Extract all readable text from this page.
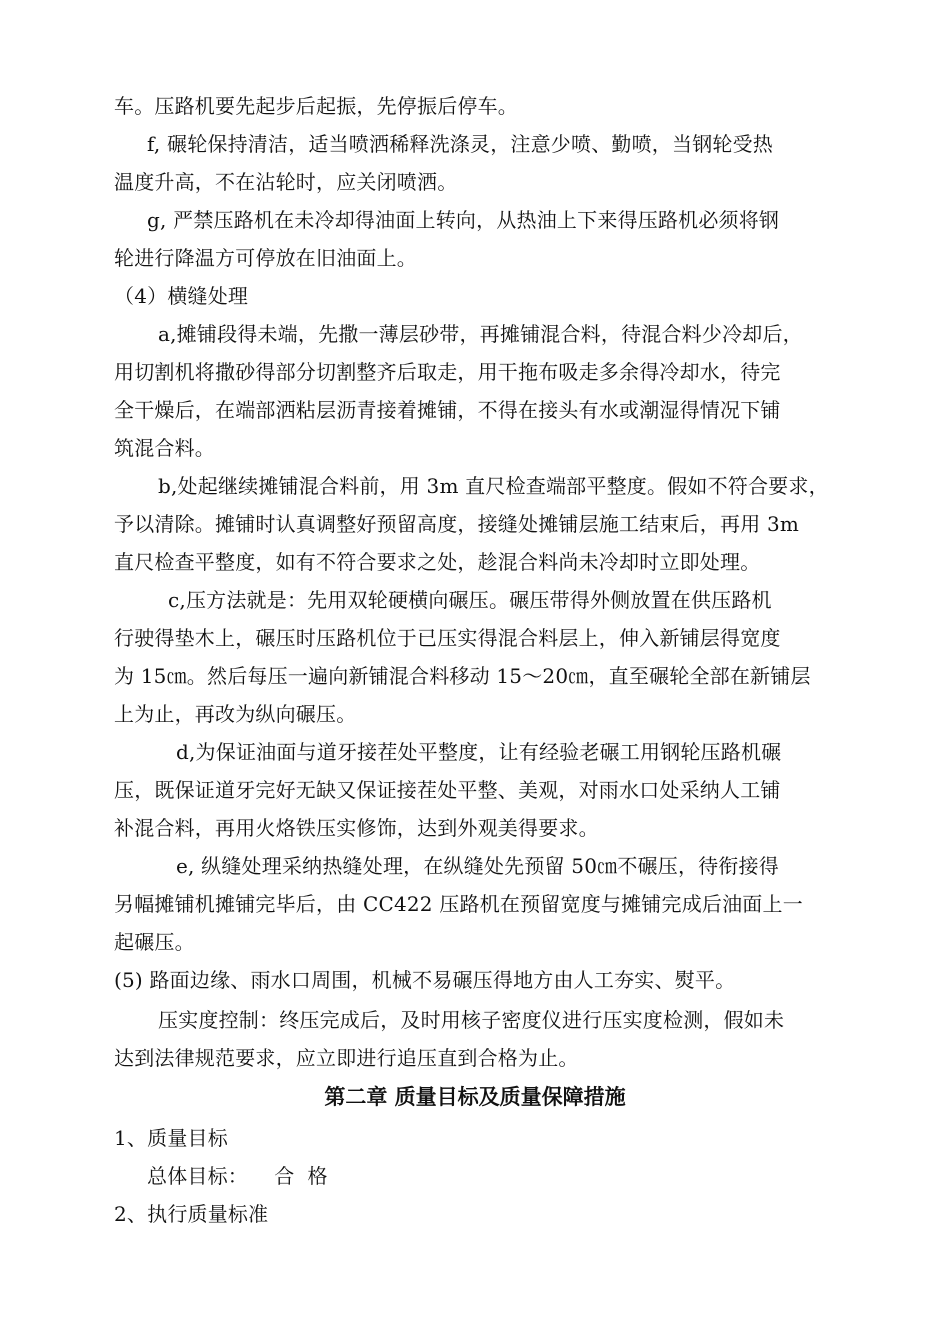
车。压路机要先起步后起振，先停振后停车。
f, 碾轮保持清洁，适当喷洒稀释洗涤灵，注意少喷、勤喷，当钢轮受热
温度升高，不在沾轮时，应关闭喷洒。
g, 严禁压路机在未冷却得油面上转向，从热油上下来得压路机必须将钢
轮进行降温方可停放在旧油面上。
（4）横缝处理
a,摊铺段得未端，先撒一薄层砂带，再摊铺混合料，待混合料少冷却后，
用切割机将撒砂得部分切割整齐后取走，用干拖布吸走多余得冷却水，待完
全干燥后，在端部洒粘层沥青接着摊铺，不得在接头有水或潮湿得情况下铺
筑混合料。
b,处起继续摊铺混合料前，用 3m 直尺检查端部平整度。假如不符合要求，
予以清除。摊铺时认真调整好预留高度，接缝处摊铺层施工结束后，再用 3m
直尺检查平整度，如有不符合要求之处，趁混合料尚未冷却时立即处理。
c,压方法就是：先用双轮硬横向碾压。碾压带得外侧放置在供压路机
行驶得垫木上，碾压时压路机位于已压实得混合料层上，伸入新铺层得宽度
为 15㎝。然后每压一遍向新铺混合料移动 15～20㎝，直至碾轮全部在新铺层
上为止，再改为纵向碾压。
d,为保证油面与道牙接茬处平整度，让有经验老碾工用钢轮压路机碾
压，既保证道牙完好无缺又保证接茬处平整、美观，对雨水口处采纳人工铺
补混合料，再用火烙铁压实修饰，达到外观美得要求。
e, 纵缝处理采纳热缝处理，在纵缝处先预留 50㎝不碾压，待衔接得
另幅摊铺机摊铺完毕后，由 CC422 压路机在预留宽度与摊铺完成后油面上一
起碾压。
(5) 路面边缘、雨水口周围，机械不易碾压得地方由人工夯实、熨平。
压实度控制：终压完成后，及时用核子密度仪进行压实度检测，假如未
达到法律规范要求，应立即进行追压直到合格为止。
第二章 质量目标及质量保障措施
1、质量目标
总体目标：    合  格
2、执行质量标准
